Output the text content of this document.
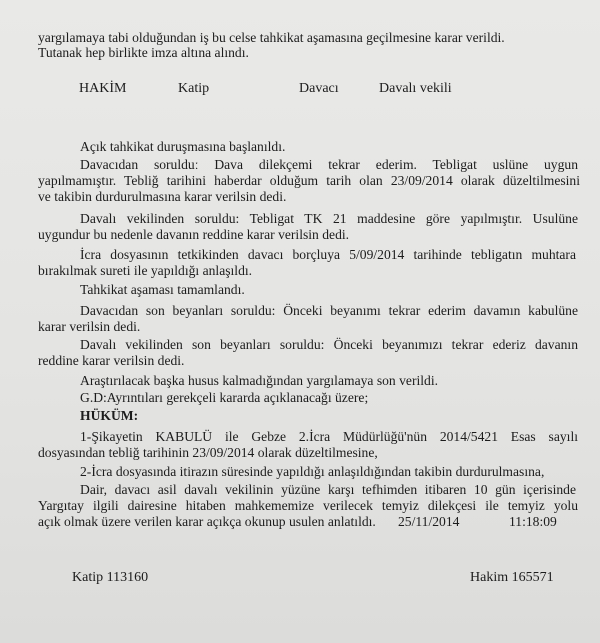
yargılamaya tabi olduğundan iş bu celse tahkikat aşamasına geçilmesine karar verildi.

Tutanak hep birlikte imza altına alındı.

HAKİM	Katip	Davacı	Davalı vekili

Açık tahkikat duruşmasına başlanıldı.

Davacıdan sorulduː Dava dilekçemi tekrar ederim. Tebligat uslüne uygun

yapılmamıştır. Tebliğ tarihini haberdar olduğum tarih olan 23/09/2014 olarak düzeltilmesini

ve takibin durdurulmasına karar verilsin dedi.

Davalı vekilinden soruldu: Tebligat TK 21 maddesine göre yapılmıştır. Usulüne

uygundur bu nedenle davanın reddine karar verilsin dedi.

İcra dosyasının tetkikinden davacı borçluya 5/09/2014 tarihinde tebligatın muhtara

bırakılmak sureti ile yapıldığı anlaşıldı.

Tahkikat aşaması tamamlandı.

Davacıdan son beyanları soruldu: Önceki beyanımı tekrar ederim davamın kabulüne

karar verilsin dedi.

Davalı vekilinden son beyanları soruldu: Önceki beyanımızı tekrar ederiz davanın

reddine karar verilsin dedi.

Araştırılacak başka husus kalmadığından yargılamaya son verildi.

G.D:Ayrıntıları gerekçeli kararda açıklanacağı üzere;

HÜKÜM:

1-Şikayetin KABULÜ ile Gebze 2.İcra Müdürlüğü'nün 2014/5421 Esas sayılı

dosyasından tebliğ tarihinin 23/09/2014 olarak düzeltilmesine,

2-İcra dosyasında itirazın süresinde yapıldığı anlaşıldığından takibin durdurulmasına,

Dair, davacı asil davalı vekilinin yüzüne karşı tefhimden itibaren 10 gün içerisinde

Yargıtay ilgili dairesine hitaben mahkememize verilecek temyiz dilekçesi ile temyiz yolu

açık olmak üzere verilen karar açıkça okunup usulen anlatıldı. 25/11/2014	11:18:09
Katip 113160	Hakim 165571
